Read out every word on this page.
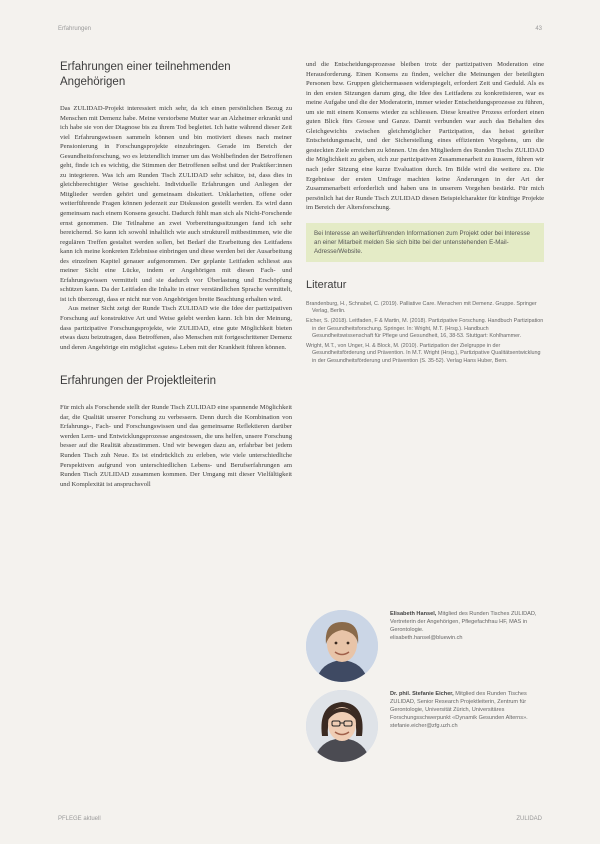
Erfahrungen	43
Erfahrungen einer teilnehmenden Angehörigen

Das ZULIDAD-Projekt interessiert mich sehr, da ich einen persönlichen Bezug zu Menschen mit Demenz habe. Meine verstorbene Mutter war an Alzheimer erkrankt und ich habe sie von der Diagnose bis zu ihrem Tod begleitet. Ich hatte während dieser Zeit viel Erfahrungswissen sammeln können und bin motiviert dieses nach meiner Pensionierung in Forschungsprojekte einzubringen. Gerade im Bereich der Gesundheitsforschung, wo es letztendlich immer um das Wohlbefinden der Betroffenen geht, finde ich es wichtig, die Stimmen der Betroffenen selbst und der Praktiker:innen zu integrieren. Was ich am Runden Tisch ZULIDAD sehr schätze, ist, dass dies in gleichberechtigter Weise geschieht. Individuelle Erfahrungen und Anliegen der Mitglieder werden gehört und gemeinsam diskutiert. Unklarheiten, offene oder weiterführende Fragen können jederzeit zur Diskussion gestellt werden. Es wird dann gemeinsam nach einem Konsens gesucht. Dadurch fühlt man sich als Nicht-Forschende ernst genommen. Die Teilnahme an zwei Vorbereitungssitzungen fand ich sehr bereichernd. So kann ich sowohl inhaltlich wie auch strukturell mitbestimmen, wie die regulären Treffen gestaltet werden sollen, bei Bedarf die Erarbeitung des Leitfadens kann ich meine konkreten Erlebnisse einbringen und diese werden bei der Ausarbeitung des einzelnen Kapitel genauer aufgenommen. Der geplante Leitfaden schliesst aus meiner Sicht eine Lücke, indem er Angehörigen mit diesen Fach- und Erfahrungswissen vermittelt und sie dadurch vor Überlastung und Erschöpfung schützen kann. Da der Leitfaden die Inhalte in einer verständlichen Sprache vermittelt, ist ich überzeugt, dass er nicht nur von Angehörigen breite Beachtung erhalten wird.

Aus meiner Sicht zeigt der Runde Tisch ZULIDAD wie die Idee der partizipativen Forschung auf konstruktive Art und Weise gelebt werden kann. Ich bin der Meinung, dass partizipative Forschungsprojekte, wie ZULIDAD, eine gute Möglichkeit bieten etwas dazu beizutragen, dass Betroffenen, also Menschen mit fortgeschrittener Demenz und deren Angehörige ein möglichst «gutes» Leben mit der Krankheit führen können.

Erfahrungen der Projektleiterin

Für mich als Forschende stellt der Runde Tisch ZULIDAD eine spannende Möglichkeit dar, die Qualität unserer Forschung zu verbessern. Denn durch die Kombination von Erfahrungs-, Fach- und Forschungswissen und das gemeinsame Reflektieren darüber werden Lern- und Entwicklungsprozesse angestossen, die uns helfen, unsere Forschung besser auf die Realität abzustimmen. Und wir bewegen dazu an, erfahrbar bei jedem Runden Tisch zuh Neue. Es ist eindrücklich zu erleben, wie viele unterschiedliche Perspektiven aufgrund von unterschiedlichen Lebens- und Berufserfahrungen am Runden Tisch ZULIDAD zusammen kommen. Der Umgang mit dieser Vielfältigkeit und Komplexität ist anspruchsvoll

und die Entscheidungsprozesse bleiben trotz der partizipativen Moderation eine Herausforderung. Einen Konsens zu finden, welcher die Meinungen der beteiligten Personen bzw. Gruppen gleichermassen widerspiegelt, erfordert Zeit und Geduld. Als es in den ersten Sitzungen darum ging, die Idee des Leitfadens zu konkretisieren, war es meine Aufgabe und die der Moderatorin, immer wieder Entscheidungsprozesse zu führen, um sie mit einem Konsens wieder zu schliessen. Diese kreative Prozess erfordert einen guten Blick fürs Grosse und Ganze. Damit verbunden war auch das Behalten des Gleichgewichts zwischen gleichmöglicher Partizipation, das heisst geteilter Entscheidungsmacht, und der Sicherstellung eines effizienten Vorgehens, um die gesteckten Ziele erreichen zu können. Um den Mitgliedern des Runden Tischs ZULIDAD die Möglichkeit zu geben, sich zur partizipativen Zusammenarbeit zu äussern, führen wir nach jeder Sitzung eine kurze Evaluation durch. Im Bilde wird die weitere zu. Die Ergebnisse der ersten Umfrage machten keine Änderungen in der Art der Zusammenarbeit erforderlich und haben uns in unserem Vorgehen bestärkt. Für mich persönlich hat der Runde Tisch ZULIDAD diesen Beispielcharakter für künftige Projekte im Bereich der Altersforschung.

Bei Interesse an weiterführenden Informationen zum Projekt oder bei Interesse an einer Mitarbeit melden Sie sich bitte bei der untenstehenden E-Mail-Adresse/Website.
Literatur
Brandenburg, H., Schnabel, C. (2019). Palliative Care. Menschen mit Demenz. Gruppe. Springer Verlag, Berlin.
Eicher, S. (2018). Leitfaden, F & Martin, M. (2018). Partizipative Forschung. Handbuch Partizipation in der Gesundheitsforschung. Springer. In: Wright, M.T. (Hrsg.). Handbuch Gesundheitswissenschaft für Pflege und Gesundheit, 16, 38-53. Stuttgart: Kohlhammer.
Wright, M.T., von Unger, H. & Block, M. (2010). Partizipation der Zielgruppe in der Gesundheitsförderung und Prävention. In M.T. Wright (Hrsg.), Partizipative Qualitätsentwicklung in der Gesundheitsförderung und Prävention (S. 35-52). Verlag Hans Huber, Bern.
Elisabeth Hansel, Mitglied des Runden Tisches ZULIDAD, Vertreterin der Angehörigen, Pflegefachfrau HF, MAS in Gerontologie.
elisabeth.hansel@bluewin.ch
Dr. phil. Stefanie Eicher, Mitglied des Runden Tisches ZULIDAD, Senior Research Projektleiterin, Zentrum für Gerontologie, Universität Zürich, Universitäres Forschungsschwerpunkt «Dynamik Gesunden Alterns».
stefanie.eicher@zfg.uzh.ch
PFLEGE aktuell	ZULIDAD
